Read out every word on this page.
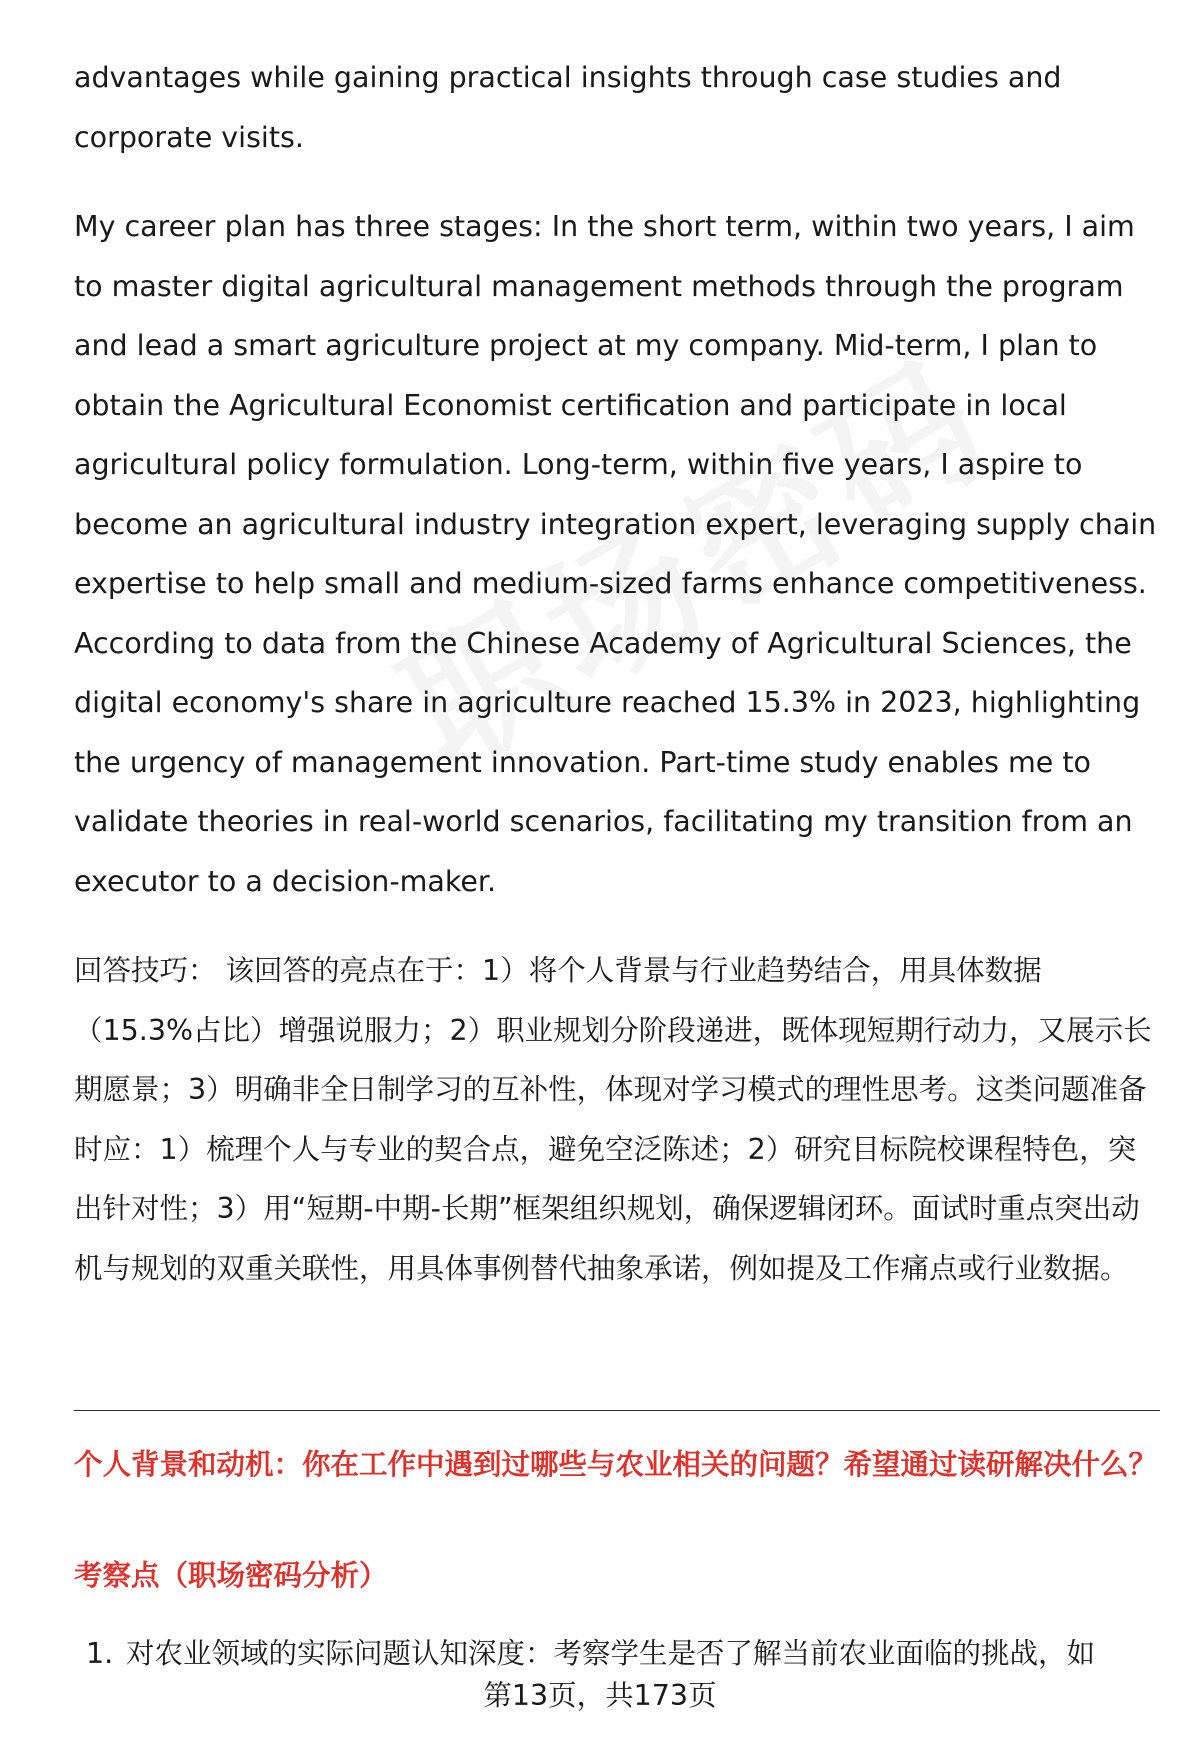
advantages while gaining practical insights through case studies and corporate visits.

My career plan has three stages: In the short term, within two years, I aim to master digital agricultural management methods through the program and lead a smart agriculture project at my company. Mid-term, I plan to obtain the Agricultural Economist certification and participate in local agricultural policy formulation. Long-term, within five years, I aspire to become an agricultural industry integration expert, leveraging supply chain expertise to help small and medium-sized farms enhance competitiveness. According to data from the Chinese Academy of Agricultural Sciences, the digital economy's share in agriculture reached 15.3% in 2023, highlighting the urgency of management innovation. Part-time study enables me to validate theories in real-world scenarios, facilitating my transition from an executor to a decision-maker.

回答技巧： 该回答的亮点在于：1）将个人背景与行业趋势结合，用具体数据（15.3%占比）增强说服力；2）职业规划分阶段递进，既体现短期行动力，又展示长期愿景；3）明确非全日制学习的互补性，体现对学习模式的理性思考。这类问题准备时应：1）梳理个人与专业的契合点，避免空泛陈述；2）研究目标院校课程特色，突出针对性；3）用“短期-中期-长期”框架组织规划，确保逻辑闭环。面试时重点突出动机与规划的双重关联性，用具体事例替代抽象承诺，例如提及工作痛点或行业数据。

个人背景和动机：你在工作中遇到过哪些与农业相关的问题？希望通过读研解决什么？
考察点（职场密码分析）
1. 对农业领域的实际问题认知深度：考察学生是否了解当前农业面临的挑战，如
第13页，共173页
